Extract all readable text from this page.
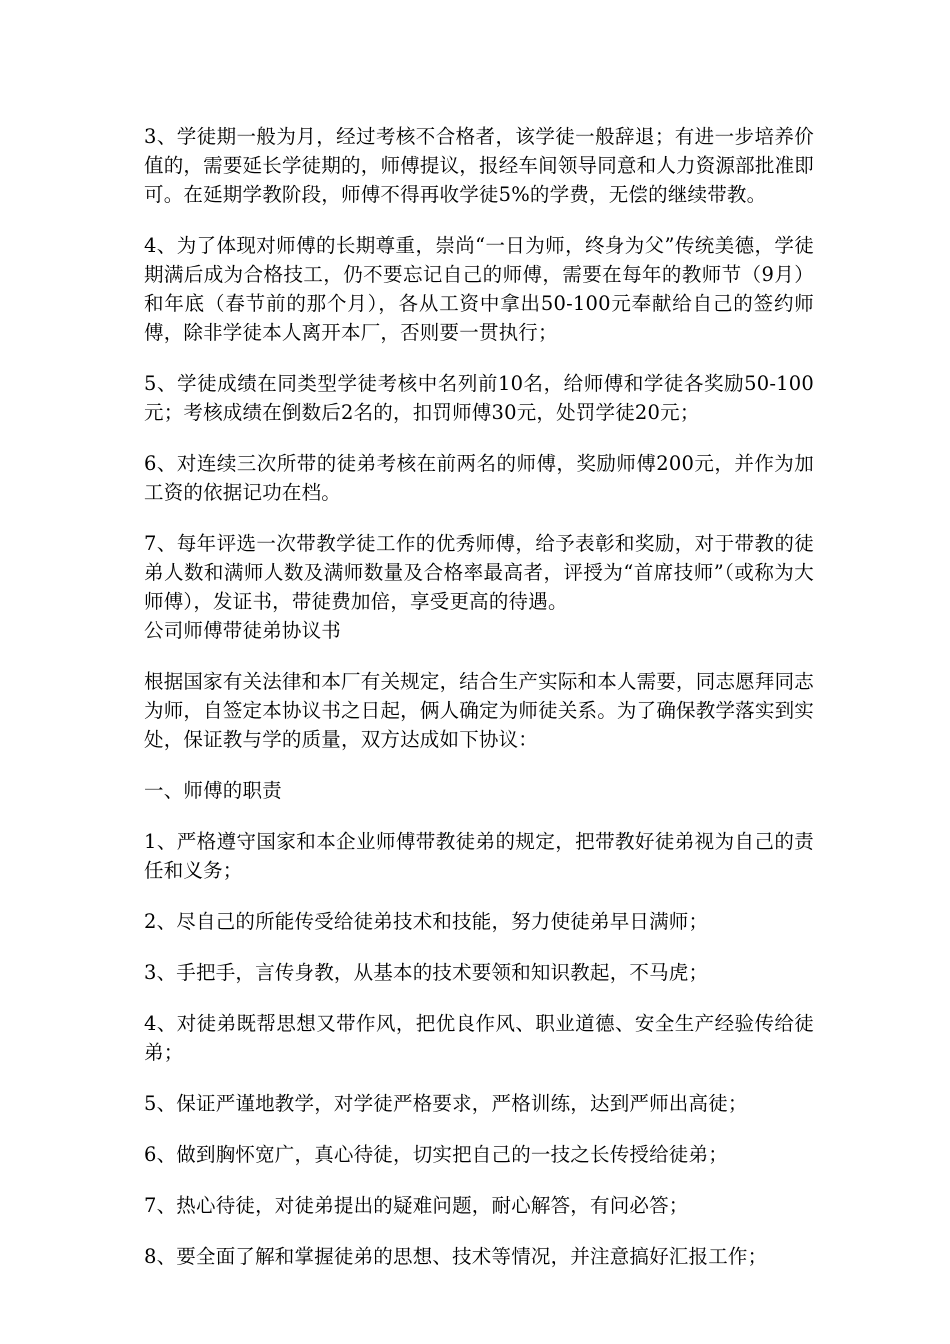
3、学徒期一般为月，经过考核不合格者，该学徒一般辞退；有进一步培养价值的，需要延长学徒期的，师傅提议，报经车间领导同意和人力资源部批准即可。在延期学教阶段，师傅不得再收学徒5%的学费，无偿的继续带教。

4、为了体现对师傅的长期尊重，崇尚“一日为师，终身为父”传统美德，学徒期满后成为合格技工，仍不要忘记自己的师傅，需要在每年的教师节（9月）和年底（春节前的那个月），各从工资中拿出50-100元奉献给自己的签约师傅，除非学徒本人离开本厂，否则要一贯执行；

5、学徒成绩在同类型学徒考核中名列前10名，给师傅和学徒各奖励50-100元；考核成绩在倒数后2名的，扣罚师傅30元，处罚学徒20元；

6、对连续三次所带的徒弟考核在前两名的师傅，奖励师傅200元，并作为加工资的依据记功在档。

7、每年评选一次带教学徒工作的优秀师傅，给予表彰和奖励，对于带教的徒弟人数和满师人数及满师数量及合格率最高者，评授为“首席技师”（或称为大师傅），发证书，带徒费加倍，享受更高的待遇。

公司师傅带徒弟协议书

根据国家有关法律和本厂有关规定，结合生产实际和本人需要，同志愿拜同志为师，自签定本协议书之日起，俩人确定为师徒关系。为了确保教学落实到实处，保证教与学的质量，双方达成如下协议：

一、师傅的职责

1、严格遵守国家和本企业师傅带教徒弟的规定，把带教好徒弟视为自己的责任和义务；

2、尽自己的所能传受给徒弟技术和技能，努力使徒弟早日满师；

3、手把手，言传身教，从基本的技术要领和知识教起，不马虎；

4、对徒弟既帮思想又带作风，把优良作风、职业道德、安全生产经验传给徒弟；

5、保证严谨地教学，对学徒严格要求，严格训练，达到严师出高徒；

6、做到胸怀宽广，真心待徒，切实把自己的一技之长传授给徒弟；

7、热心待徒，对徒弟提出的疑难问题，耐心解答，有问必答；

8、要全面了解和掌握徒弟的思想、技术等情况，并注意搞好汇报工作；
